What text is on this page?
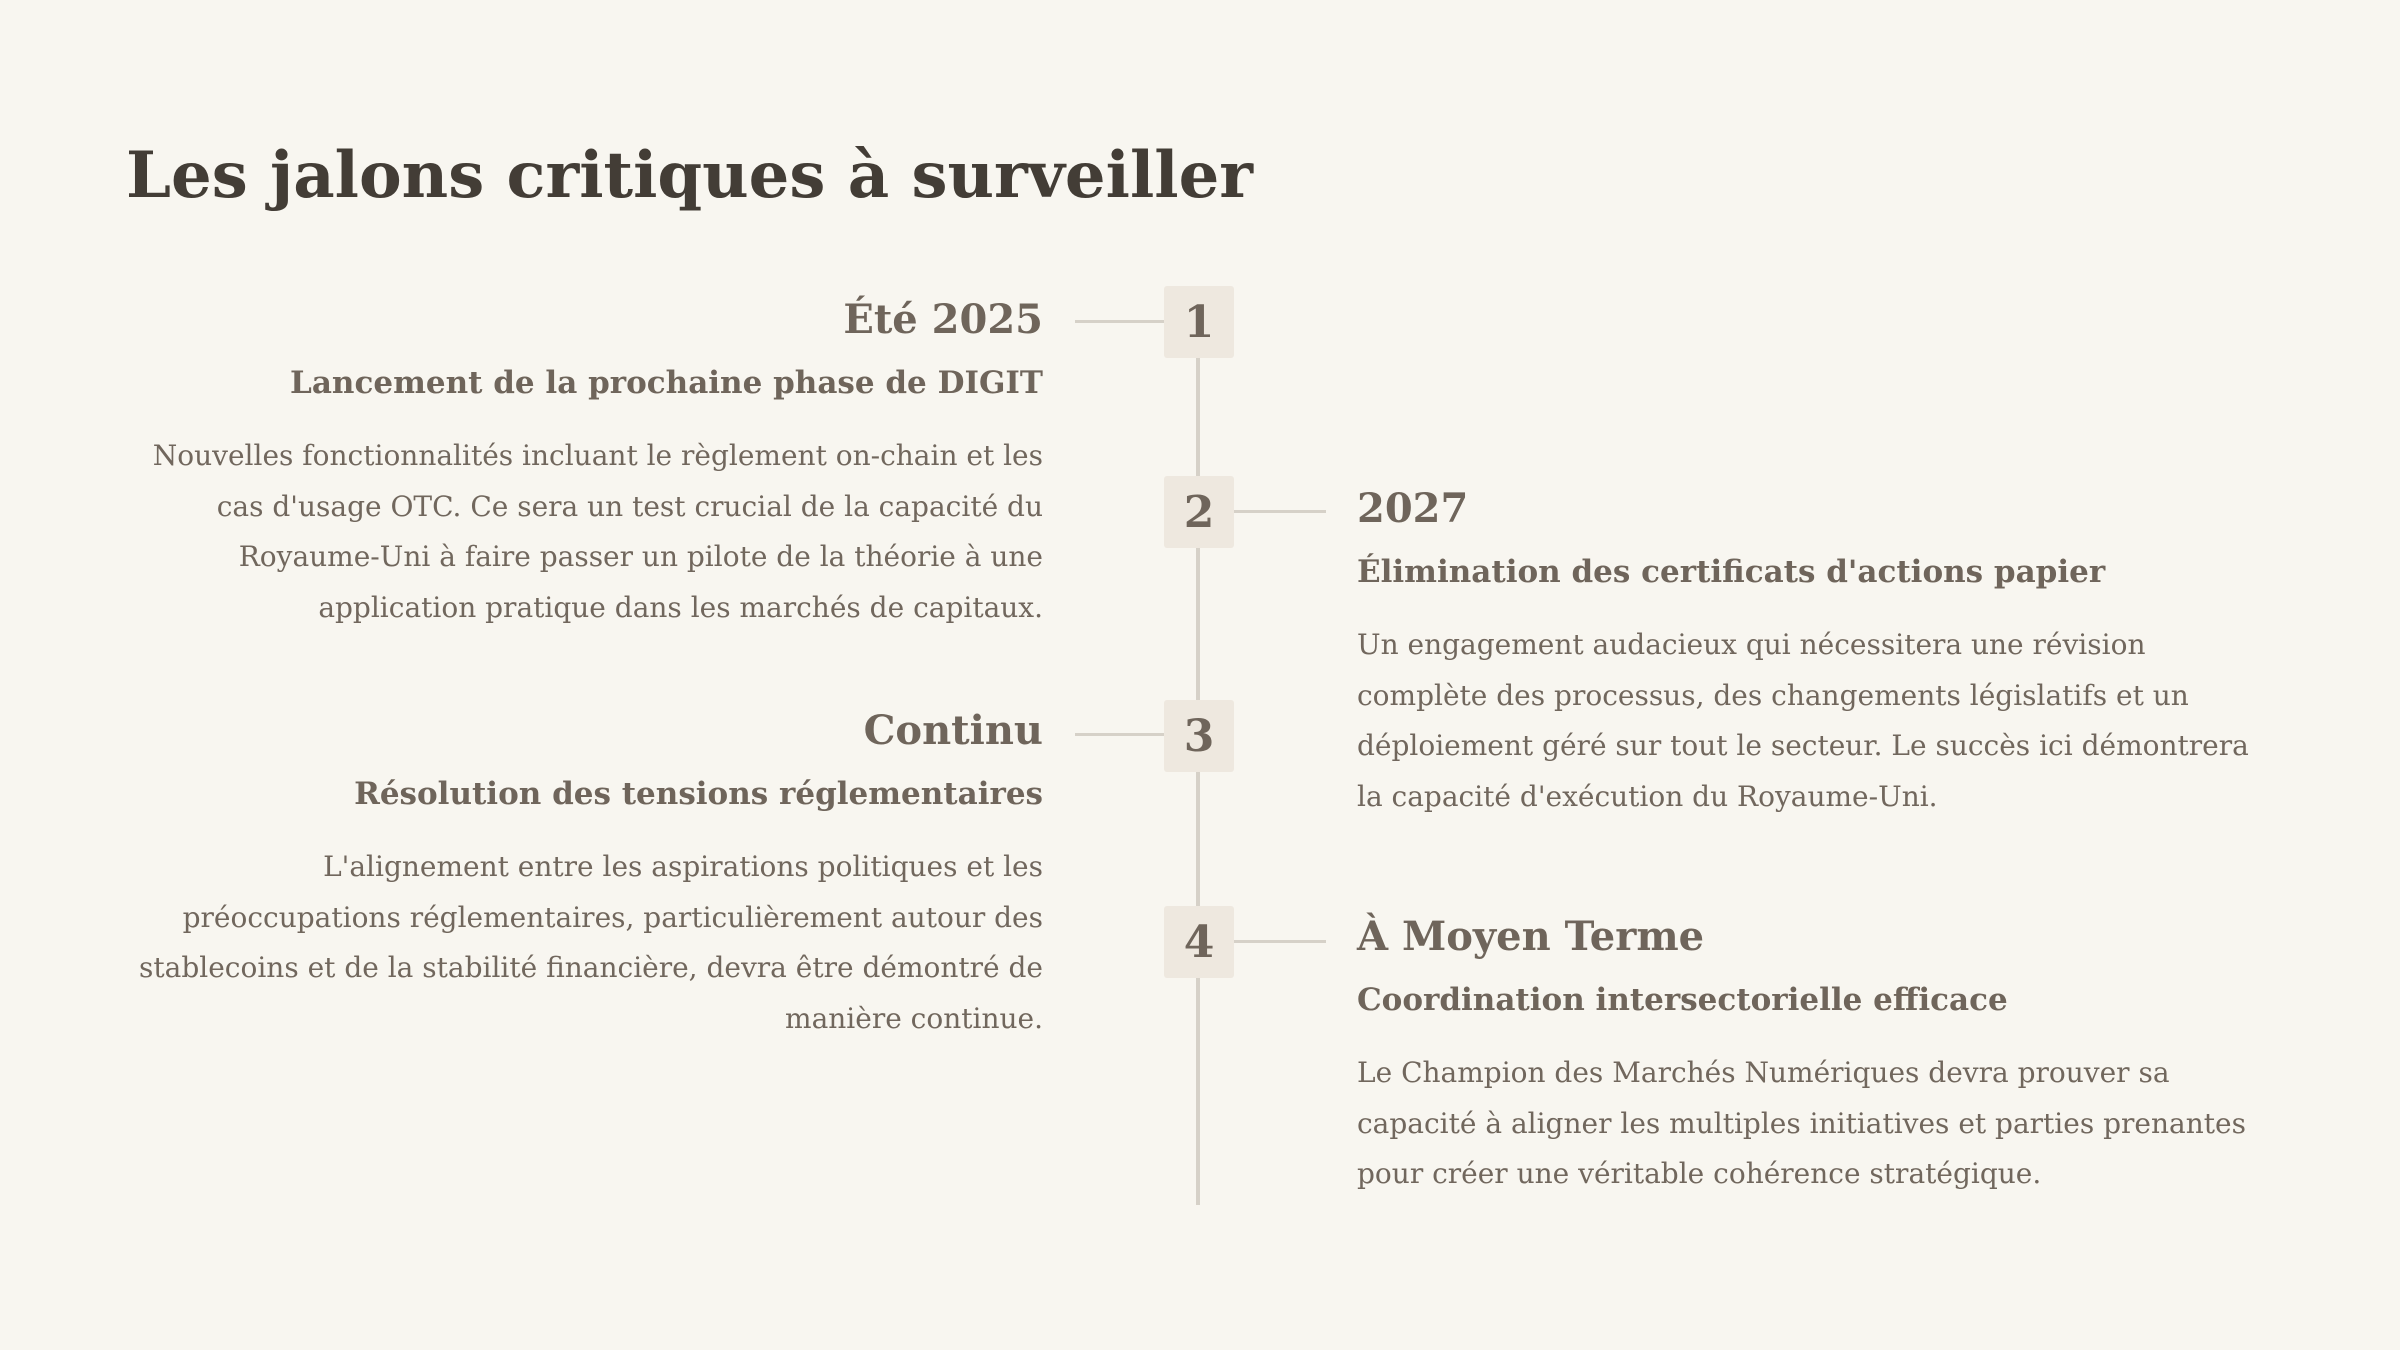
Les jalons critiques à surveiller
1
Été 2025
Lancement de la prochaine phase de DIGIT
Nouvelles fonctionnalités incluant le règlement on-chain et les cas d'usage OTC. Ce sera un test crucial de la capacité du Royaume-Uni à faire passer un pilote de la théorie à une application pratique dans les marchés de capitaux.
2	2027
Élimination des certificats d'actions papier
Un engagement audacieux qui nécessitera une révision complète des processus, des changements législatifs et un déploiement géré sur tout le secteur. Le succès ici démontrera la capacité d'exécution du Royaume-Uni.
3
Continu
Résolution des tensions réglementaires
L'alignement entre les aspirations politiques et les préoccupations réglementaires, particulièrement autour des stablecoins et de la stabilité financière, devra être démontré de manière continue.
4	À Moyen Terme
Coordination intersectorielle efficace
Le Champion des Marchés Numériques devra prouver sa capacité à aligner les multiples initiatives et parties prenantes pour créer une véritable cohérence stratégique.
